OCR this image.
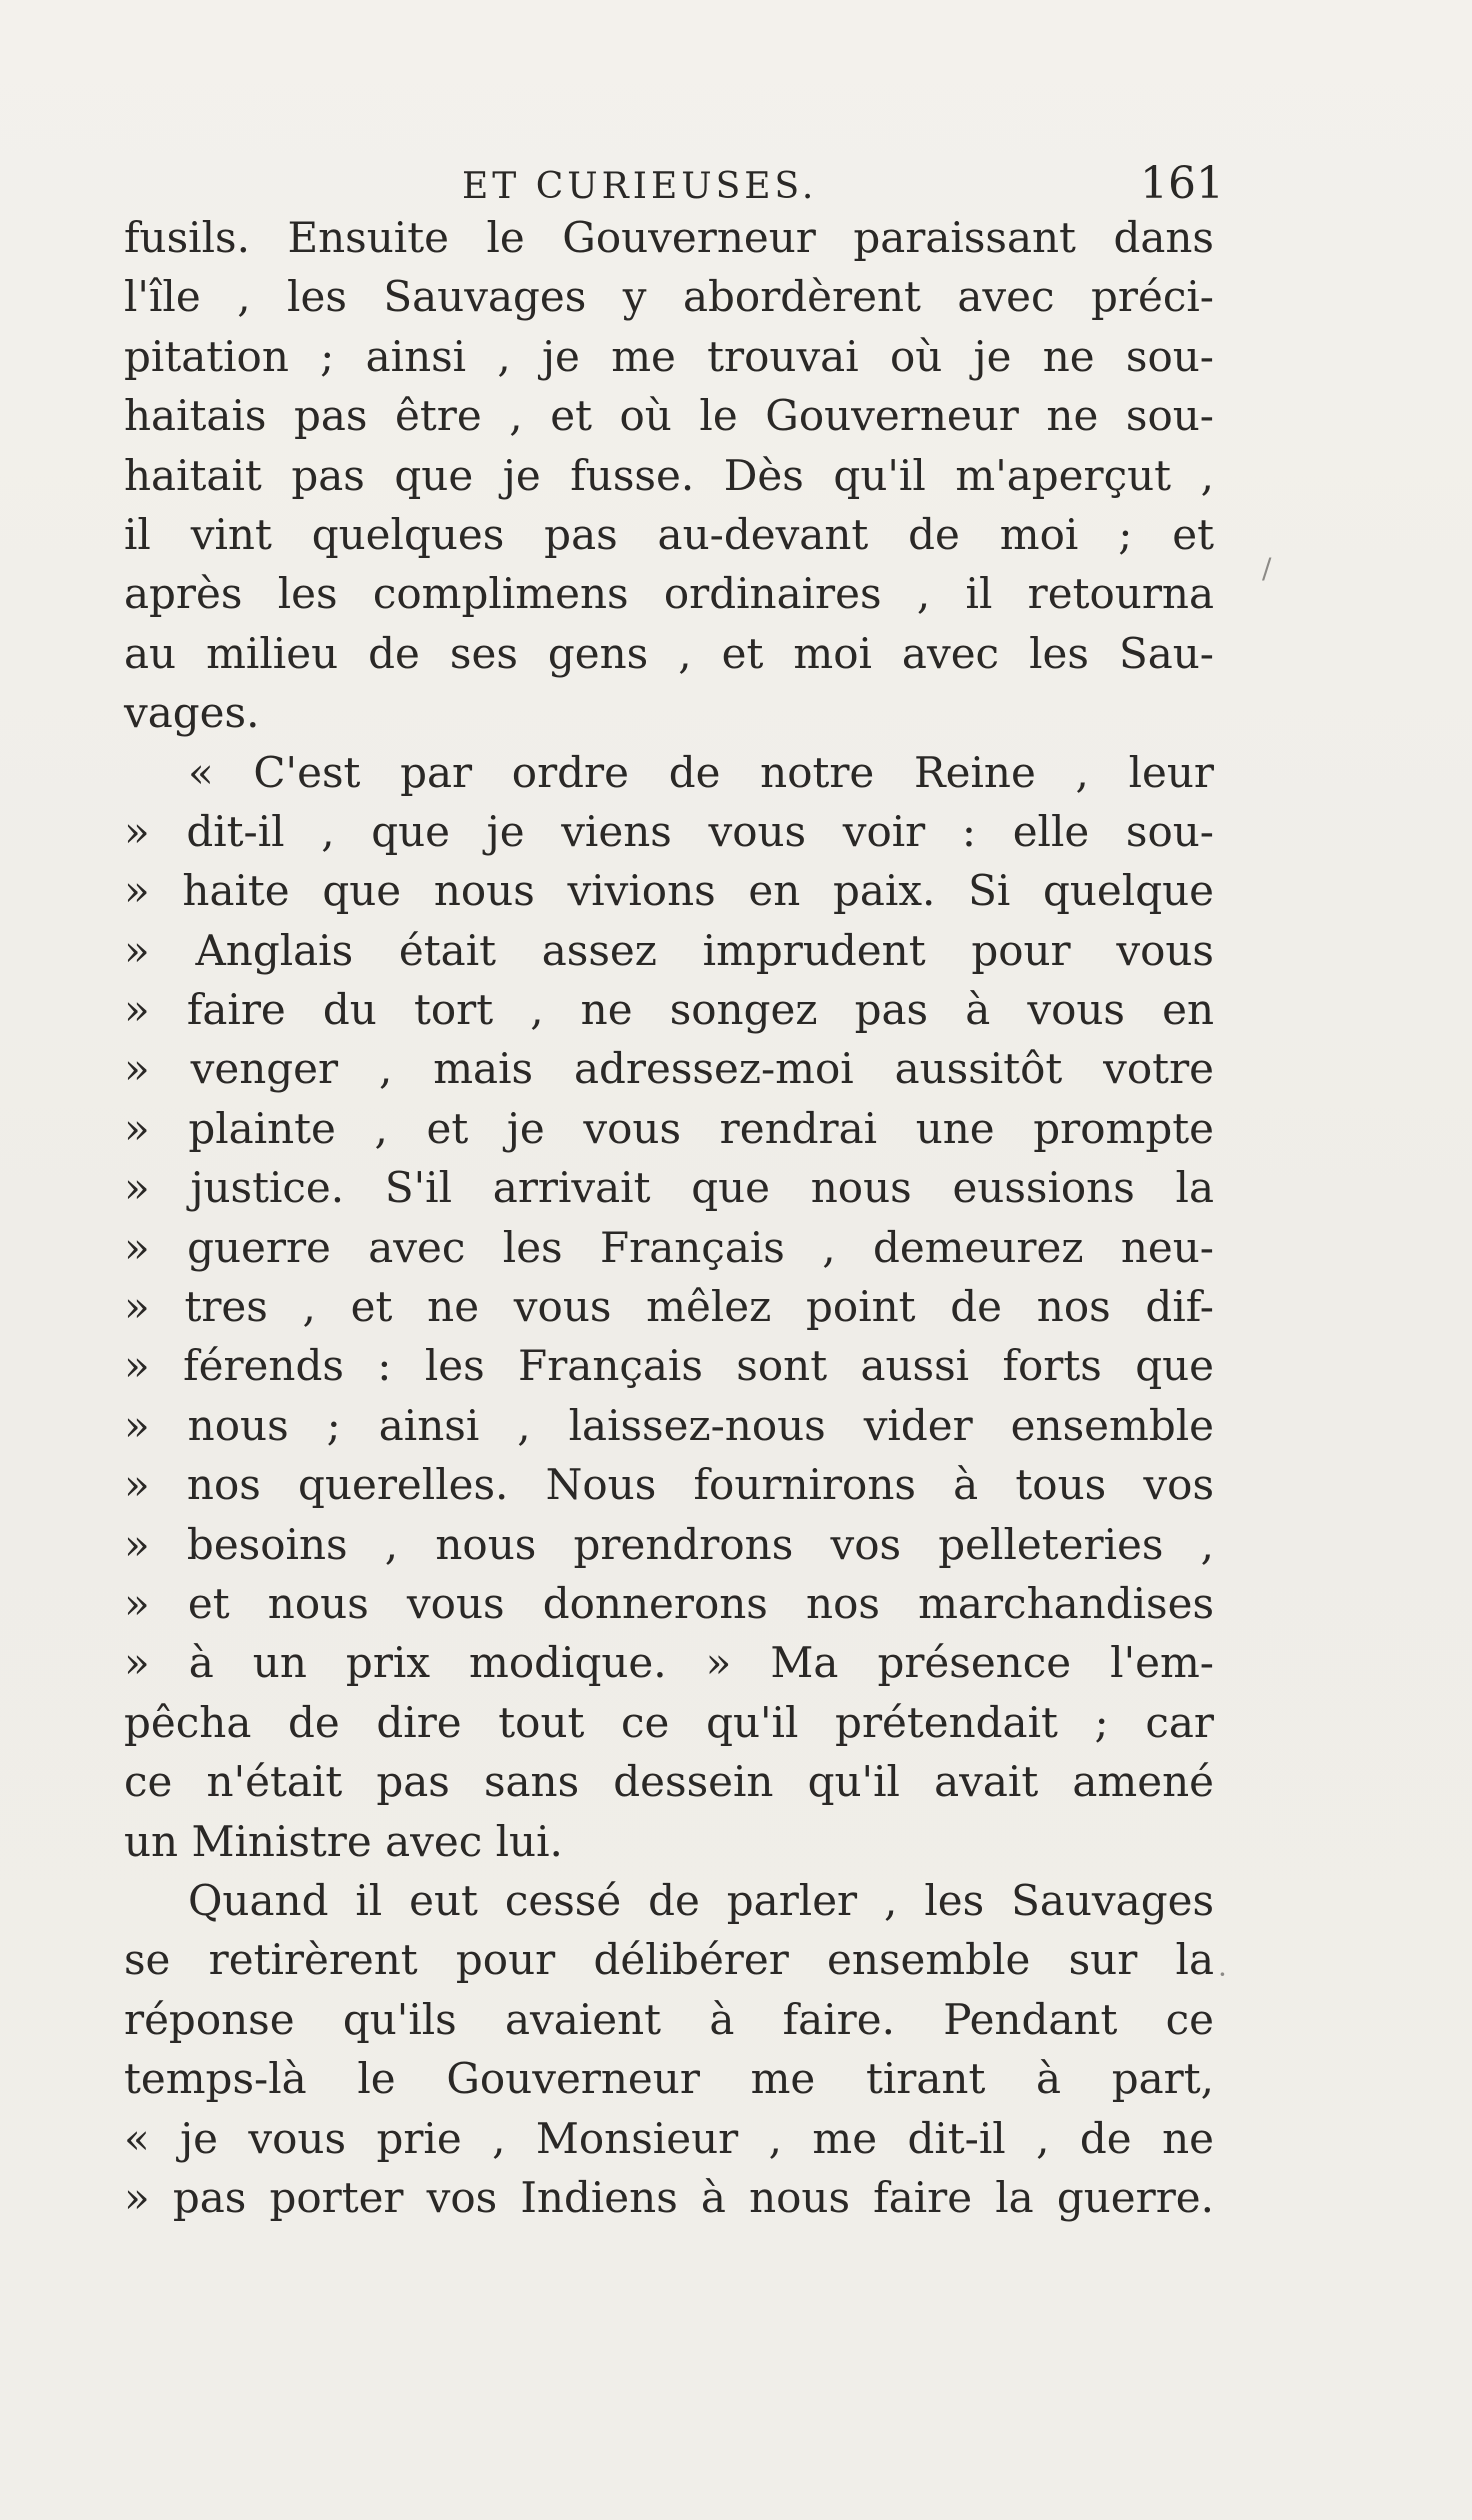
ET CURIEUSES.	161
fusils. Ensuite le Gouverneur paraissant dans
l'île , les Sauvages y abordèrent avec préci-
pitation ; ainsi , je me trouvai où je ne sou-
haitais pas être , et où le Gouverneur ne sou-
haitait pas que je fusse. Dès qu'il m'aperçut ,
il vint quelques pas au-devant de moi ; et
après les complimens ordinaires , il retourna
au milieu de ses gens , et moi avec les Sau-
vages.
« C'est par ordre de notre Reine , leur
» dit-il , que je viens vous voir : elle sou-
» haite que nous vivions en paix. Si quelque
» Anglais était assez imprudent pour vous
» faire du tort , ne songez pas à vous en
» venger , mais adressez-moi aussitôt votre
» plainte , et je vous rendrai une prompte
» justice. S'il arrivait que nous eussions la
» guerre avec les Français , demeurez neu-
» tres , et ne vous mêlez point de nos dif-
» férends : les Français sont aussi forts que
» nous ; ainsi , laissez-nous vider ensemble
» nos querelles. Nous fournirons à tous vos
» besoins , nous prendrons vos pelleteries ,
» et nous vous donnerons nos marchandises
» à un prix modique. » Ma présence l'em-
pêcha de dire tout ce qu'il prétendait ; car
ce n'était pas sans dessein qu'il avait amené
un Ministre avec lui.
Quand il eut cessé de parler , les Sauvages
se retirèrent pour délibérer ensemble sur la
réponse qu'ils avaient à faire. Pendant ce
temps-là le Gouverneur me tirant à part,
« je vous prie , Monsieur , me dit-il , de ne
» pas porter vos Indiens à nous faire la guerre.
/
·
